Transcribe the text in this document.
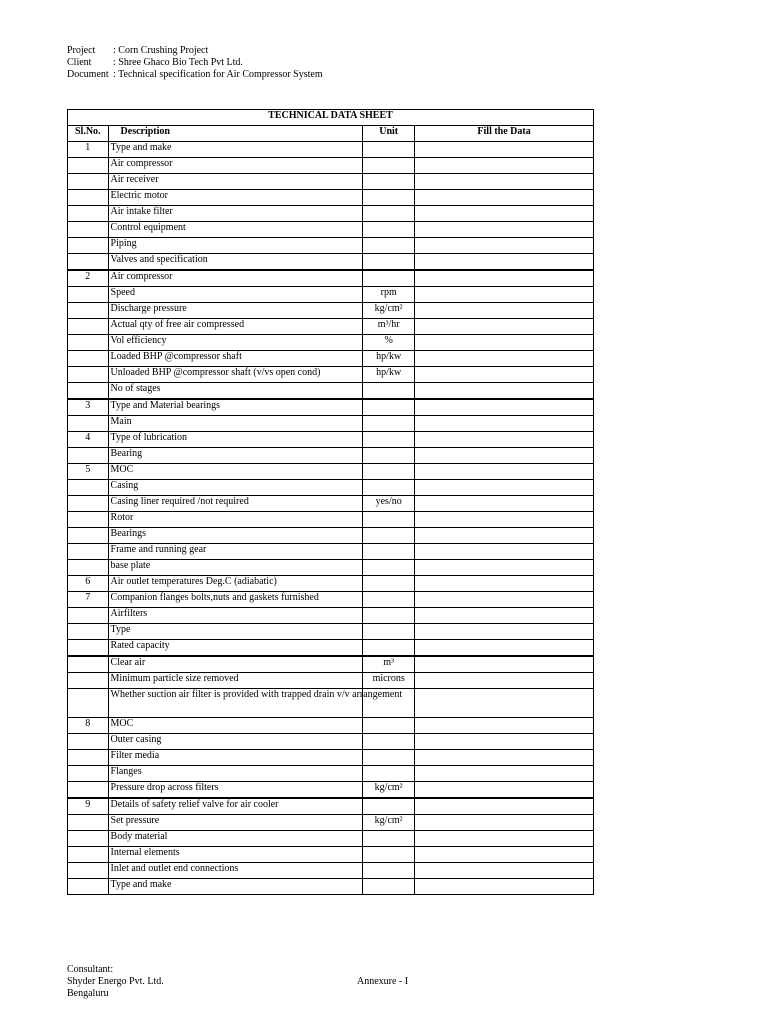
Project	: Corn Crushing Project
Client	: Shree Ghaco Bio Tech Pvt Ltd.
Document : Technical specification for Air Compressor System
TECHNICAL DATA SHEET			
Sl.No.	Description	Unit	Fill the Data
1	Type and make		
	Air compressor		
	Air receiver		
	Electric motor		
	Air intake filter		
	Control equipment		
	Piping		
	Valves and specification		
2	Air compressor		
	Speed	rpm	
	Discharge pressure	kg/cm²	
	Actual qty of free air compressed	m³/hr	
	Vol efficiency	%	
	Loaded BHP @compressor shaft	hp/kw	
	Unloaded BHP @compressor shaft (v/vs open cond)	hp/kw	
	No of stages		
3	Type and Material bearings		
	Main		
4	Type of lubrication		
	Bearing		
5	MOC		
	Casing		
	Casing liner required /not required	yes/no	
	Rotor		
	Bearings		
	Frame and running gear		
	base plate		
6	Air outlet temperatures Deg.C (adiabatic)		
7	Companion flanges bolts,nuts and gaskets furnished		
	Airfilters		
	Type		
	Rated capacity		
	Clear air	m³	
	Minimum particle size removed	microns	
	Whether suction air filter is provided with trapped drain v/v arrangement		
8	MOC		
	Outer casing		
	Filter media		
	Flanges		
	Pressure drop across filters	kg/cm²	
9	Details of safety relief valve for air cooler		
	Set pressure	kg/cm²	
	Body material		
	Internal elements		
	Inlet and outlet end connections		
	Type and make		
Consultant:
Shyder Energo Pvt. Ltd.
Bengaluru
Annexure - I
